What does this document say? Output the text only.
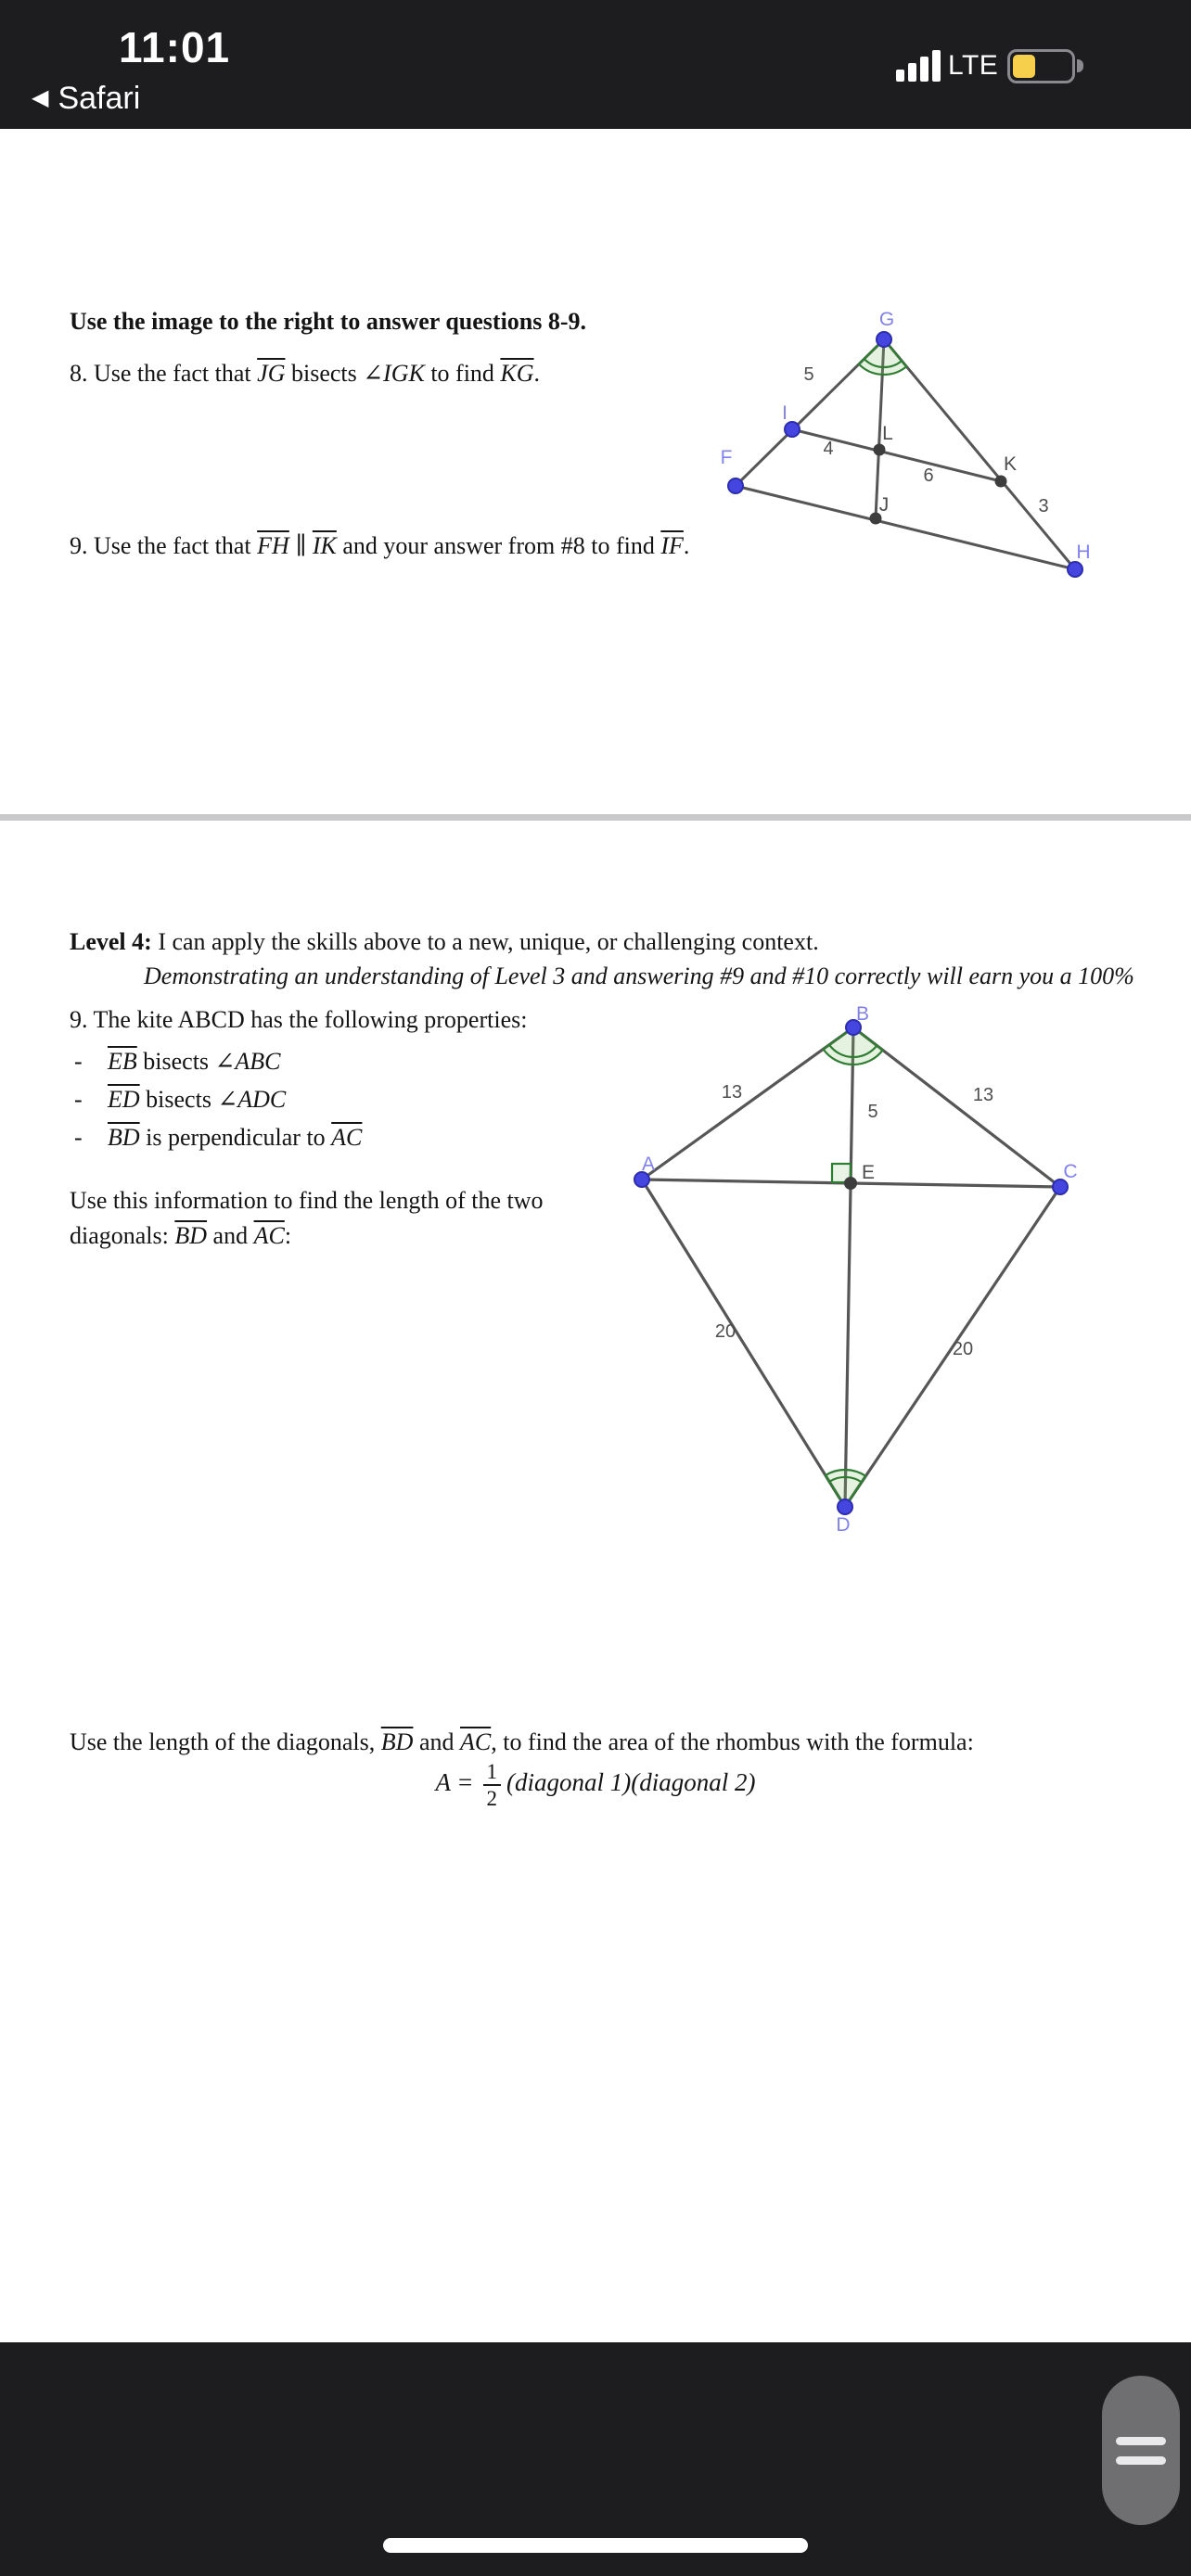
11:01
◀ Safari
LTE
Use the image to the right to answer questions 8-9.
8. Use the fact that $\overline{JG}$ bisects ∠IGK to find $\overline{KG}$.
9. Use the fact that $\overline{FH}$ ∥ $\overline{IK}$ and your answer from #8 to find $\overline{IF}$.
G
I
F
L
K
J
H
5
4
6
3
Level 4: I can apply the skills above to a new, unique, or challenging context.
Demonstrating an understanding of Level 3 and answering #9 and #10 correctly will earn you a 100%
9. The kite ABCD has the following properties:
- $\overline{EB}$ bisects ∠ABC
- $\overline{ED}$ bisects ∠ADC
- $\overline{BD}$ is perpendicular to $\overline{AC}$
Use this information to find the length of the two
diagonals: $\overline{BD}$ and $\overline{AC}$:
A
B
C
D
E
13	13
5
20
20
Use the length of the diagonals, $\overline{BD}$ and $\overline{AC}$, to find the area of the rhombus with the formula:
$A = \frac{1}{2}$ (diagonal 1)(diagonal 2)
